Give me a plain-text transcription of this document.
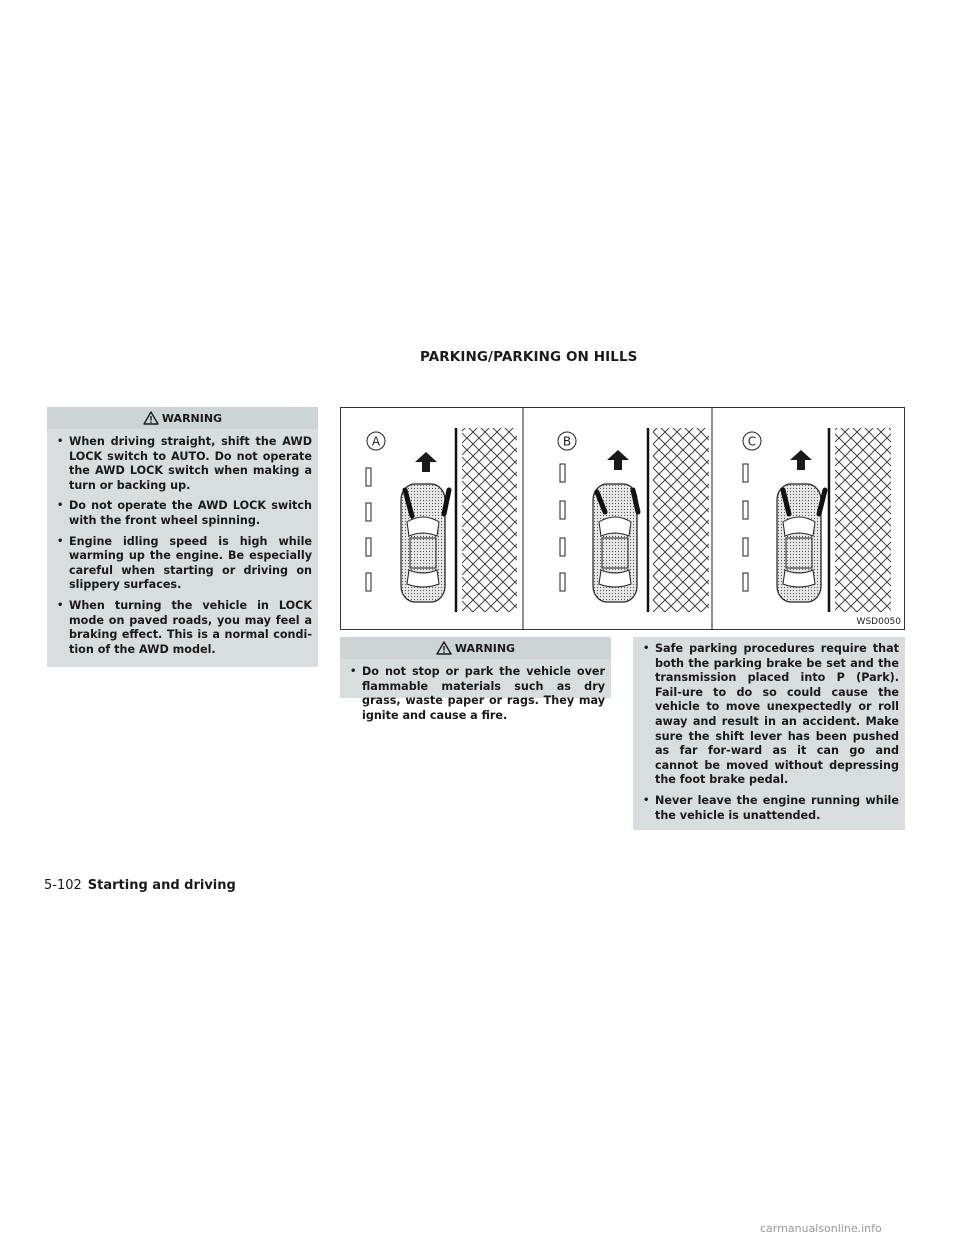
PARKING/PARKING ON HILLS
WARNING
• When driving straight, shift the AWD LOCK switch to AUTO. Do not operate the AWD LOCK switch when making a turn or backing up.
• Do not operate the AWD LOCK switch with the front wheel spinning.
• Engine idling speed is high while warming up the engine. Be especially careful when starting or driving on slippery surfaces.
• When turning the vehicle in LOCK mode on paved roads, you may feel a braking effect. This is a normal condi-tion of the AWD model.
A	B	C
WSD0050
WARNING
• Do not stop or park the vehicle over flammable materials such as dry grass, waste paper or rags. They may ignite and cause a fire.
• Safe parking procedures require that both the parking brake be set and the transmission placed into P (Park). Fail-ure to do so could cause the vehicle to move unexpectedly or roll away and result in an accident. Make sure the shift lever has been pushed as far for-ward as it can go and cannot be moved without depressing the foot brake pedal.
• Never leave the engine running while the vehicle is unattended.
5-102 Starting and driving
carmanualsonline.info
